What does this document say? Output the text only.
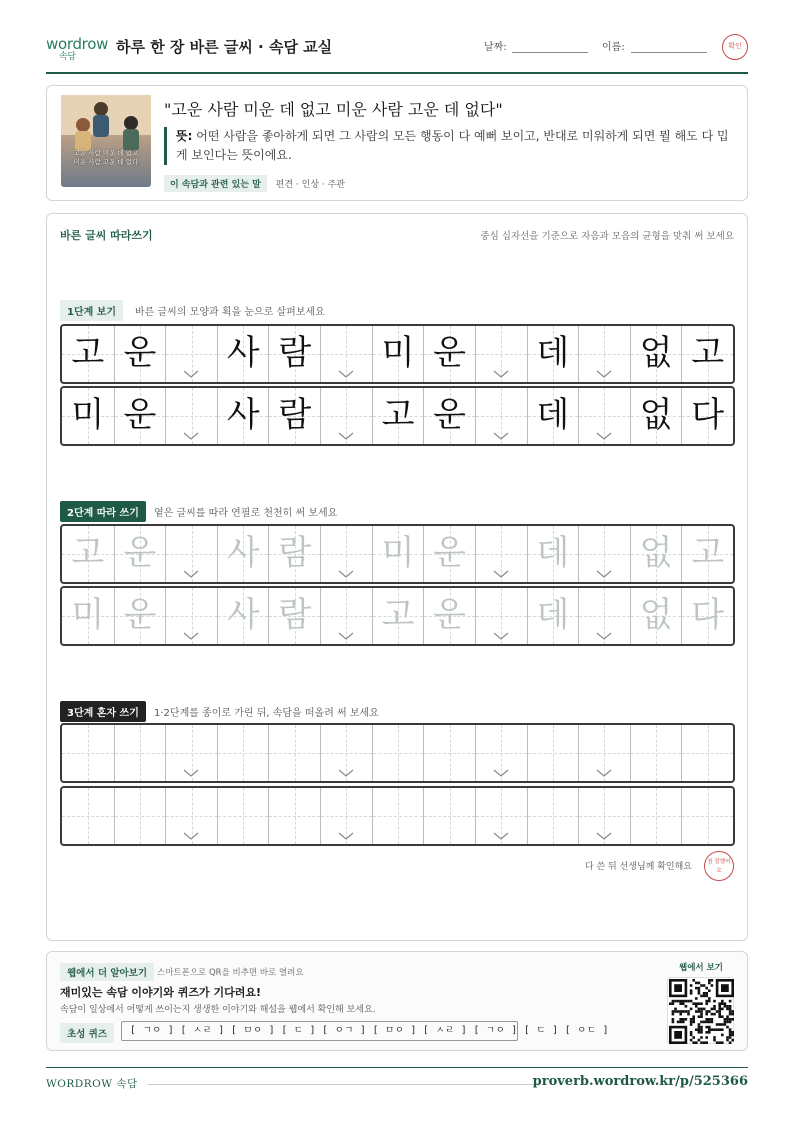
wordrow
속담
하루 한 장 바른 글씨 · 속담 교실	날짜:	이름:	확인
고운 사람 미운 데 없고
미운 사람 고운 데 없다
"고운 사람 미운 데 없고 미운 사람 고운 데 없다"
뜻: 어떤 사람을 좋아하게 되면 그 사람의 모든 행동이 다 예뻐 보이고, 반대로 미워하게 되면 뭘 해도 다 밉게 보인다는 뜻이에요.
이 속담과 관련 있는 말 편견 · 인상 · 주관
바른 글씨 따라쓰기	중심 십자선을 기준으로 자음과 모음의 균형을 맞춰 써 보세요
1단계 보기	바른 글씨의 모양과 획을 눈으로 살펴보세요
고 운 사 람 미 운 데 없 고
미 운 사 람 고 운 데 없 다
2단계 따라 쓰기	옅은 글씨를 따라 연필로 천천히 써 보세요
고 운 사 람 미 운 데 없 고
미 운 사 람 고 운 데 없 다
3단계 혼자 쓰기	1·2단계를 종이로 가린 뒤, 속담을 떠올려 써 보세요
다 쓴 뒤 선생님께 확인해요	참 잘했어요
웹에서 더 알아보기	스마트폰으로 QR을 비추면 바로 열려요
재미있는 속담 이야기와 퀴즈가 기다려요!
속담이 일상에서 어떻게 쓰이는지 생생한 이야기와 해설을 웹에서 확인해 보세요.
초성 퀴즈	[ ㄱㅇ ] [ ㅅㄹ ] [ ㅁㅇ ] [ ㄷ ] [ ㅇㄱ ] [ ㅁㅇ ] [ ㅅㄹ ] [ ㄱㅇ ] [ ㄷ ] [ ㅇㄷ ]
웹에서 보기
WORDROW 속담	proverb.wordrow.kr/p/525366
